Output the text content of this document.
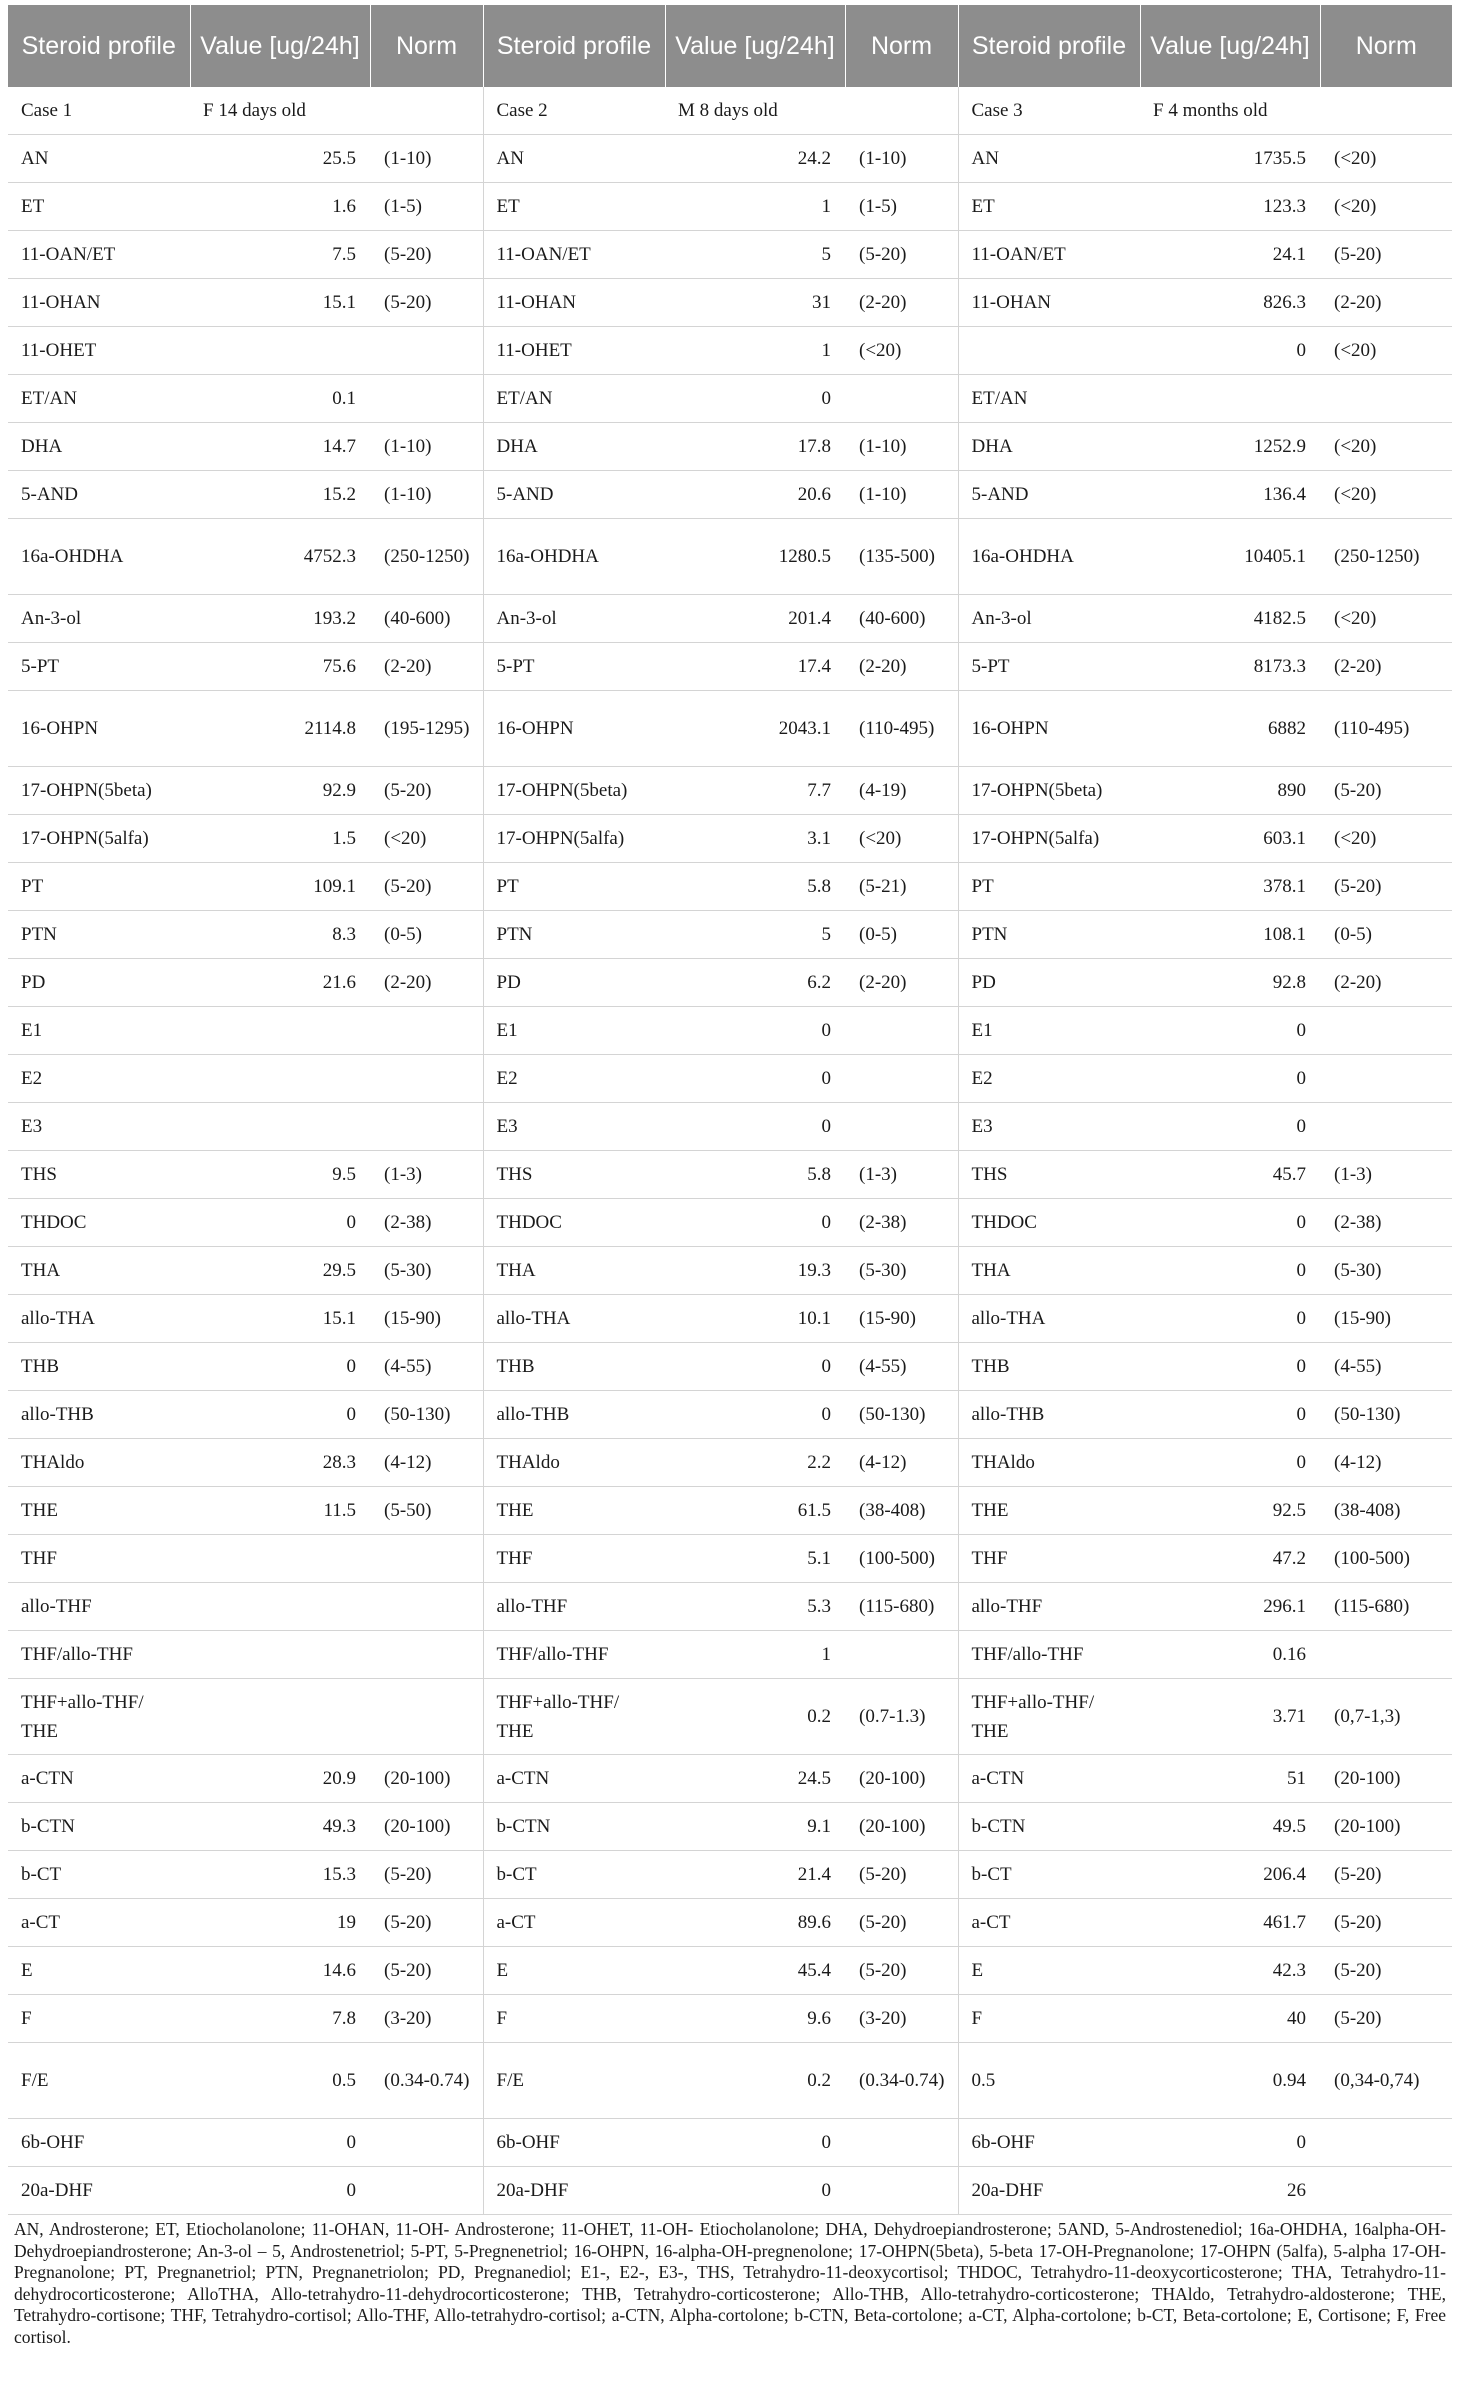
Steroid profile	Value [ug/24h]	Norm	Steroid profile	Value [ug/24h]	Norm	Steroid profile	Value [ug/24h]	Norm
Case 1	F 14 days old		Case 2	M 8 days old		Case 3	F 4 months old	
AN	25.5	(1-10)	AN	24.2	(1-10)	AN	1735.5	(<20)
ET	1.6	(1-5)	ET	1	(1-5)	ET	123.3	(<20)
11-OAN/ET	7.5	(5-20)	11-OAN/ET	5	(5-20)	11-OAN/ET	24.1	(5-20)
11-OHAN	15.1	(5-20)	11-OHAN	31	(2-20)	11-OHAN	826.3	(2-20)
11-OHET			11-OHET	1	(<20)		0	(<20)
ET/AN	0.1		ET/AN	0		ET/AN		
DHA	14.7	(1-10)	DHA	17.8	(1-10)	DHA	1252.9	(<20)
5-AND	15.2	(1-10)	5-AND	20.6	(1-10)	5-AND	136.4	(<20)
16a-OHDHA	4752.3	(250-1250)	16a-OHDHA	1280.5	(135-500)	16a-OHDHA	10405.1	(250-1250)
An-3-ol	193.2	(40-600)	An-3-ol	201.4	(40-600)	An-3-ol	4182.5	(<20)
5-PT	75.6	(2-20)	5-PT	17.4	(2-20)	5-PT	8173.3	(2-20)
16-OHPN	2114.8	(195-1295)	16-OHPN	2043.1	(110-495)	16-OHPN	6882	(110-495)
17-OHPN(5beta)	92.9	(5-20)	17-OHPN(5beta)	7.7	(4-19)	17-OHPN(5beta)	890	(5-20)
17-OHPN(5alfa)	1.5	(<20)	17-OHPN(5alfa)	3.1	(<20)	17-OHPN(5alfa)	603.1	(<20)
PT	109.1	(5-20)	PT	5.8	(5-21)	PT	378.1	(5-20)
PTN	8.3	(0-5)	PTN	5	(0-5)	PTN	108.1	(0-5)
PD	21.6	(2-20)	PD	6.2	(2-20)	PD	92.8	(2-20)
E1			E1	0		E1	0	
E2			E2	0		E2	0	
E3			E3	0		E3	0	
THS	9.5	(1-3)	THS	5.8	(1-3)	THS	45.7	(1-3)
THDOC	0	(2-38)	THDOC	0	(2-38)	THDOC	0	(2-38)
THA	29.5	(5-30)	THA	19.3	(5-30)	THA	0	(5-30)
allo-THA	15.1	(15-90)	allo-THA	10.1	(15-90)	allo-THA	0	(15-90)
THB	0	(4-55)	THB	0	(4-55)	THB	0	(4-55)
allo-THB	0	(50-130)	allo-THB	0	(50-130)	allo-THB	0	(50-130)
THAldo	28.3	(4-12)	THAldo	2.2	(4-12)	THAldo	0	(4-12)
THE	11.5	(5-50)	THE	61.5	(38-408)	THE	92.5	(38-408)
THF			THF	5.1	(100-500)	THF	47.2	(100-500)
allo-THF			allo-THF	5.3	(115-680)	allo-THF	296.1	(115-680)
THF/allo-THF			THF/allo-THF	1		THF/allo-THF	0.16	
THF+allo-THF/ THE			THF+allo-THF/ THE	0.2	(0.7-1.3)	THF+allo-THF/ THE	3.71	(0,7-1,3)
a-CTN	20.9	(20-100)	a-CTN	24.5	(20-100)	a-CTN	51	(20-100)
b-CTN	49.3	(20-100)	b-CTN	9.1	(20-100)	b-CTN	49.5	(20-100)
b-CT	15.3	(5-20)	b-CT	21.4	(5-20)	b-CT	206.4	(5-20)
a-CT	19	(5-20)	a-CT	89.6	(5-20)	a-CT	461.7	(5-20)
E	14.6	(5-20)	E	45.4	(5-20)	E	42.3	(5-20)
F	7.8	(3-20)	F	9.6	(3-20)	F	40	(5-20)
F/E	0.5	(0.34-0.74)	F/E	0.2	(0.34-0.74)	0.5	0.94	(0,34-0,74)
6b-OHF	0		6b-OHF	0		6b-OHF	0	
20a-DHF	0		20a-DHF	0		20a-DHF	26	
AN, Androsterone; ET, Etiocholanolone; 11-OHAN, 11-OH- Androsterone; 11-OHET, 11-OH- Etiocholanolone; DHA, Dehydroepiandrosterone; 5AND, 5-Androstenediol; 16a-OHDHA, 16alpha-OH-Dehydroepiandrosterone; An-3-ol – 5, Androstenetriol; 5-PT, 5-Pregnenetriol; 16-OHPN, 16-alpha-OH-pregnenolone; 17-OHPN(5beta), 5-beta 17-OH-Pregnanolone; 17-OHPN (5alfa), 5-alpha 17-OH-Pregnanolone; PT, Pregnanetriol; PTN, Pregnanetriolon; PD, Pregnanediol; E1-, E2-, E3-, THS, Tetrahydro-11-deoxycortisol; THDOC, Tetrahydro-11-deoxycorticosterone; THA, Tetrahydro-11-dehydrocorticosterone; AlloTHA, Allo-tetrahydro-11-dehydrocorticosterone; THB, Tetrahydro-corticosterone; Allo-THB, Allo-tetrahydro-corticosterone; THAldo, Tetrahydro-aldosterone; THE, Tetrahydro-cortisone; THF, Tetrahydro-cortisol; Allo-THF, Allo-tetrahydro-cortisol; a-CTN, Alpha-cortolone; b-CTN, Beta-cortolone; a-CT, Alpha-cortolone; b-CT, Beta-cortolone; E, Cortisone; F, Free cortisol.
